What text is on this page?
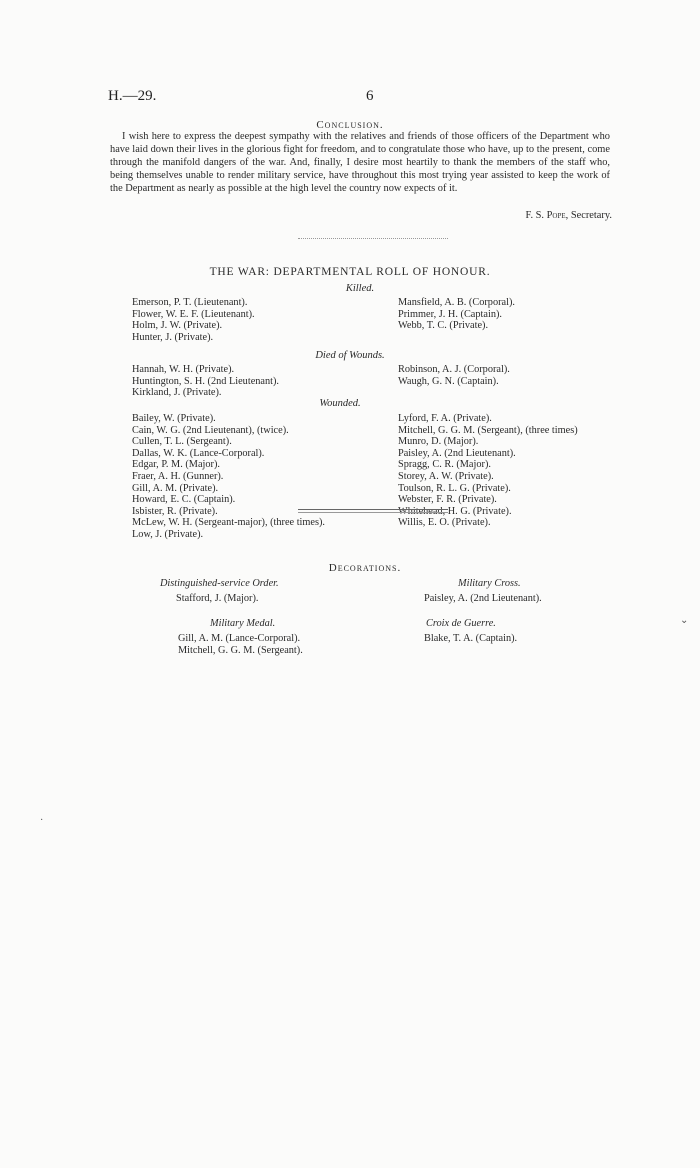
H.—29.	6
Conclusion.

I wish here to express the deepest sympathy with the relatives and friends of those officers of the Department who have laid down their lives in the glorious fight for freedom, and to congratulate those who have, up to the present, come through the manifold dangers of the war. And, finally, I desire most heartily to thank the members of the staff who, being themselves unable to render military service, have throughout this most trying year assisted to keep the work of the Department as nearly as possible at the high level the country now expects of it.

F. S. Pope, Secretary.
THE WAR: DEPARTMENTAL ROLL OF HONOUR.
Killed.
Emerson, P. T. (Lieutenant).
Flower, W. E. F. (Lieutenant).
Holm, J. W. (Private).
Hunter, J. (Private).
Mansfield, A. B. (Corporal).
Primmer, J. H. (Captain).
Webb, T. C. (Private).
Died of Wounds.
Hannah, W. H. (Private).
Huntington, S. H. (2nd Lieutenant).
Kirkland, J. (Private).
Robinson, A. J. (Corporal).
Waugh, G. N. (Captain).
Wounded.
Bailey, W. (Private).
Cain, W. G. (2nd Lieutenant), (twice).
Cullen, T. L. (Sergeant).
Dallas, W. K. (Lance-Corporal).
Edgar, P. M. (Major).
Fraer, A. H. (Gunner).
Gill, A. M. (Private).
Howard, E. C. (Captain).
Isbister, R. (Private).
McLew, W. H. (Sergeant-major), (three times).
Low, J. (Private).
Lyford, F. A. (Private).
Mitchell, G. G. M. (Sergeant), (three times)
Munro, D. (Major).
Paisley, A. (2nd Lieutenant).
Spragg, C. R. (Major).
Storey, A. W. (Private).
Toulson, R. L. G. (Private).
Webster, F. R. (Private).
Whitehead, H. G. (Private).
Willis, E. O. (Private).
Decorations.
Distinguished-service Order.
Stafford, J. (Major).
Military Cross.
Paisley, A. (2nd Lieutenant).
Military Medal.
Gill, A. M. (Lance-Corporal).
Mitchell, G. G. M. (Sergeant).
Croix de Guerre.
Blake, T. A. (Captain).
⌄
·
